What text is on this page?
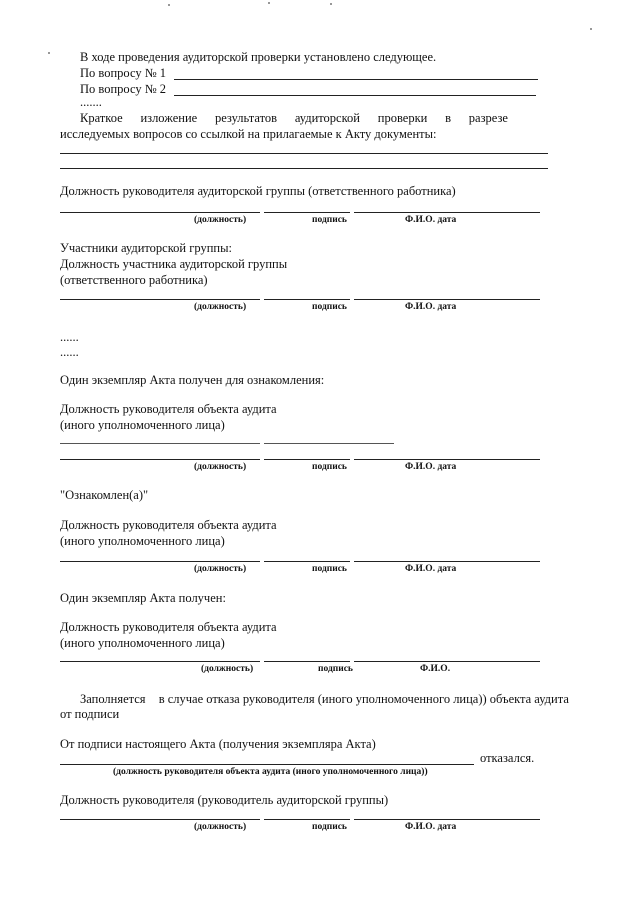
В ходе проведения аудиторской проверки установлено следующее.
По вопросу № 1
По вопросу № 2
.......
Краткое изложение результатов аудиторской проверки в разрезе
исследуемых вопросов со ссылкой на прилагаемые к Акту документы:
Должность руководителя аудиторской группы (ответственного работника)
(должность)	подпись	Ф.И.О. дата
Участники аудиторской группы:
Должность участника аудиторской группы
(ответственного работника)
(должность)	подпись	Ф.И.О. дата
......
......
Один экземпляр Акта получен для ознакомления:
Должность руководителя объекта аудита
(иного уполномоченного лица)
(должность)	подпись	Ф.И.О. дата
"Ознакомлен(а)"
Должность руководителя объекта аудита
(иного уполномоченного лица)
(должность)	подпись	Ф.И.О. дата
Один экземпляр Акта получен:
Должность руководителя объекта аудита
(иного уполномоченного лица)
(должность)	подпись	Ф.И.О.
Заполняется в случае отказа руководителя (иного уполномоченного лица)) объекта аудита
от подписи
От подписи настоящего Акта (получения экземпляра Акта)
отказался.
(должность руководителя объекта аудита (иного уполномоченного лица))
Должность руководителя (руководитель аудиторской группы)
(должность)	подпись	Ф.И.О. дата
